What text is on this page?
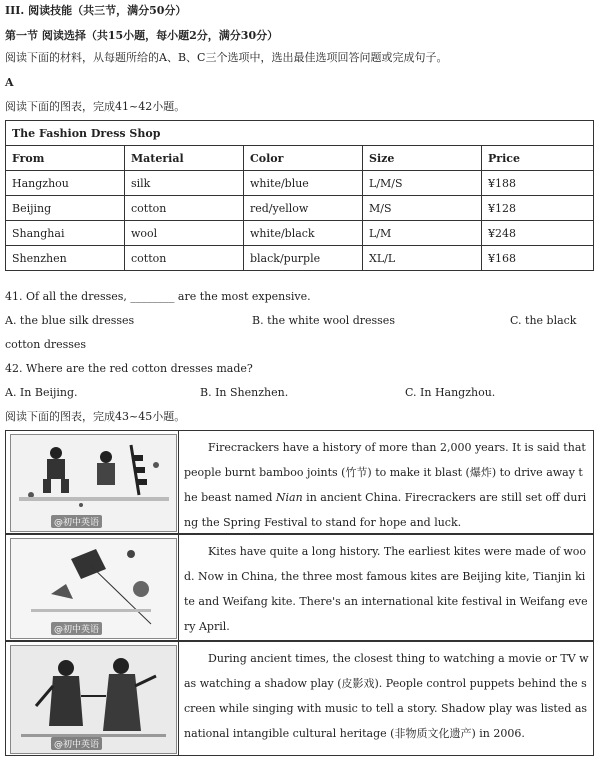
III. 阅读技能（共三节，满分50分）
第一节 阅读选择（共15小题，每小题2分，满分30分）
阅读下面的材料，从每题所给的A、B、C三个选项中，选出最佳选项回答问题或完成句子。
A
阅读下面的图表，完成41~42小题。
The Fashion Dress Shop				
From	Material	Color	Size	Price
Hangzhou	silk	white/blue	L/M/S	¥188
Beijing	cotton	red/yellow	M/S	¥128
Shanghai	wool	white/black	L/M	¥248
Shenzhen	cotton	black/purple	XL/L	¥168
41. Of all the dresses, ________ are the most expensive.
A. the blue silk dresses	B. the white wool dresses	C. the black
cotton dresses
42. Where are the red cotton dresses made?
A. In Beijing.	B. In Shenzhen.	C. In Hangzhou.
阅读下面的图表，完成43~45小题。
@初中英语
Firecrackers have a history of more than 2,000 years. It is said that people burnt bamboo joints (竹节) to make it blast (爆炸) to drive away the beast named Nian in ancient China. Firecrackers are still set off during the Spring Festival to stand for hope and luck.
@初中英语
Kites have quite a long history. The earliest kites were made of wood. Now in China, the three most famous kites are Beijing kite, Tianjin kite and Weifang kite. There's an international kite festival in Weifang every April.
@初中英语
During ancient times, the closest thing to watching a movie or TV was watching a shadow play (皮影戏). People control puppets behind the screen while singing with music to tell a story. Shadow play was listed as national intangible cultural heritage (非物质文化遗产) in 2006.
